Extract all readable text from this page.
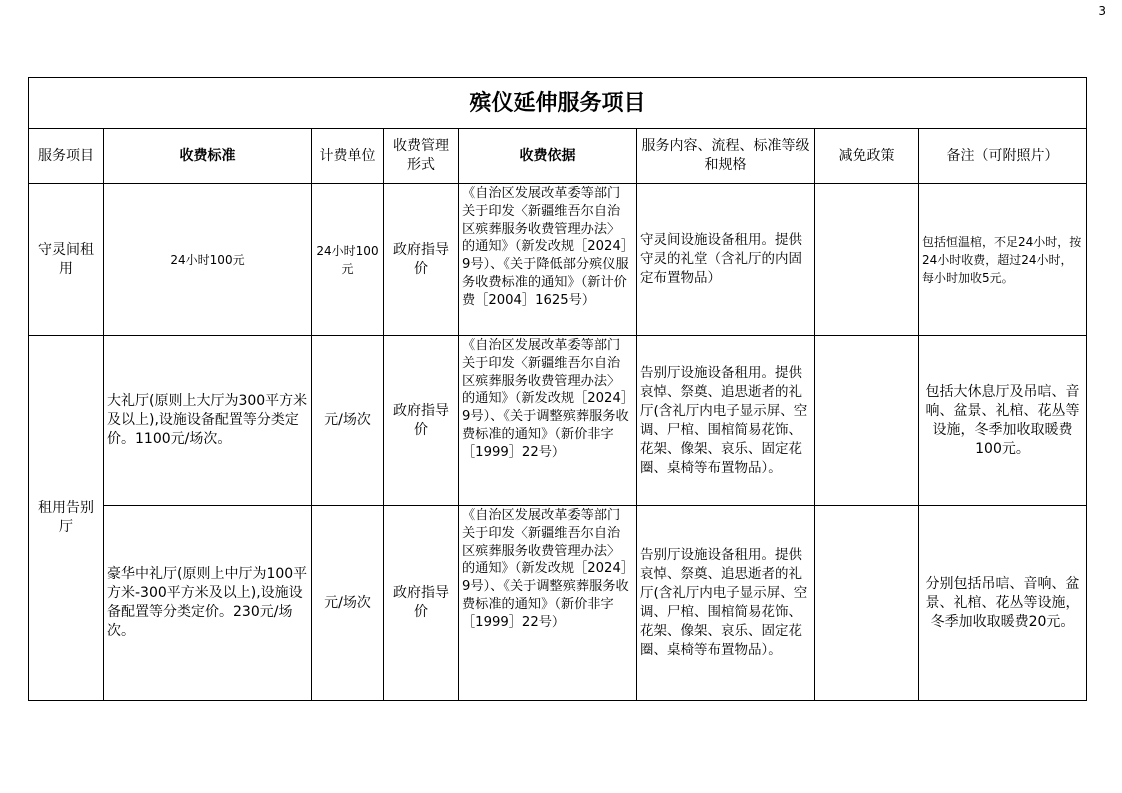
3
殡仪延伸服务项目							
服务项目	收费标准	计费单位	收费管理形式	收费依据	服务内容、流程、标准等级和规格	减免政策	备注（可附照片）
守灵间租用	24小时100元	24小时100元	政府指导价	《自治区发展改革委等部门关于印发〈新疆维吾尔自治区殡葬服务收费管理办法〉的通知》（新发改规［2024］9号）、《关于降低部分殡仪服务收费标准的通知》（新计价费［2004］1625号）	守灵间设施设备租用。提供守灵的礼堂（含礼厅的内固定布置物品）		包括恒温棺，不足24小时，按24小时收费，超过24小时，每小时加收5元。
租用告别厅	大礼厅(原则上大厅为300平方米及以上),设施设备配置等分类定价。1100元/场次。	元/场次	政府指导价	《自治区发展改革委等部门关于印发〈新疆维吾尔自治区殡葬服务收费管理办法〉的通知》（新发改规［2024］9号）、《关于调整殡葬服务收费标准的通知》（新价非字［1999］22号）	告别厅设施设备租用。提供哀悼、祭奠、追思逝者的礼厅(含礼厅内电子显示屏、空调、尸棺、围棺简易花饰、花架、像架、哀乐、固定花圈、桌椅等布置物品）。		包括大休息厅及吊唁、音响、盆景、礼棺、花丛等设施，冬季加收取暖费100元。
	豪华中礼厅(原则上中厅为100平方米-300平方米及以上),设施设备配置等分类定价。230元/场次。	元/场次	政府指导价	《自治区发展改革委等部门关于印发〈新疆维吾尔自治区殡葬服务收费管理办法〉的通知》（新发改规［2024］9号）、《关于调整殡葬服务收费标准的通知》（新价非字［1999］22号）	告别厅设施设备租用。提供哀悼、祭奠、追思逝者的礼厅(含礼厅内电子显示屏、空调、尸棺、围棺简易花饰、花架、像架、哀乐、固定花圈、桌椅等布置物品）。		分别包括吊唁、音响、盆景、礼棺、花丛等设施，冬季加收取暖费20元。
